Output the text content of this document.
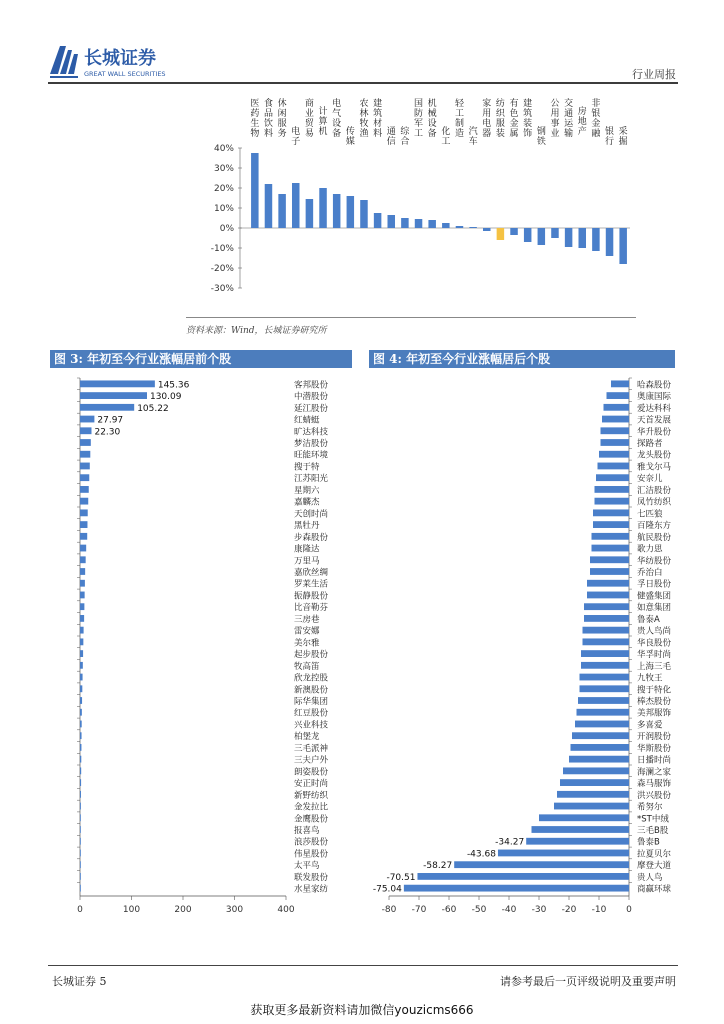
长城证券
GREAT WALL SECURITIES	行业周报
40%
30%
20%
10%
0%
-10%
-20%
-30%
医药生物
食品饮料
休闲服务 电子
商业贸易
计算机
电气设备 传媒
农林牧渔
建筑材料 通信
综合
国防军工
机械设备 化工
轻工制造 汽车
家用电器
纺织服装
有色金属
建筑装饰 钢铁
公用事业
交通运输
房地产
非银金融 银行
采掘
资料来源：Wind，长城证券研究所
图 3: 年初至今行业涨幅居前个股
0	100	200	300	400
客邦股份
145.36
中潜股份
130.09
延江股份
105.22
红蜻蜓
27.97
旷达科技
22.30
梦洁股份
旺能环境
搜于特
江苏阳光
星期六
嘉麟杰
天创时尚
黑牡丹
步森股份
康隆达
万里马
嘉欣丝绸
罗莱生活
振静股份
比音勒芬
三房巷
雷安娜
美尔雅
起步股份
牧高笛
欣龙控股
新澳股份
际华集团
红豆股份
兴业科技
柏堡龙
三毛派神
三夫户外
朗姿股份
安正时尚
新野纺织
金发拉比
金鹰股份
报喜鸟
浪莎股份
伟星股份
太平鸟
联发股份
水星家纺
图 4: 年初至今行业涨幅居后个股
-80 -70 -60 -50 -40 -30 -20 -10 0
哈森股份
奥康国际
爱达科科
天首发展
华升股份
探路者
龙头股份
雅戈尔马
安奈儿
汇洁股份
凤竹纺织
七匹狼
百隆东方
航民股份
歌力思
华纺股份
乔治白
孚日股份
健盛集团
如意集团
鲁泰A
贵人鸟尚
华良股份
华孚时尚
上海三毛
九牧王
搜于特化
棒杰股份
美邦服饰
多喜爱
开润股份
华斯股份
日播时尚
海澜之家
森马服饰
洪兴股份
希努尔
*ST中绒
三毛B股
鲁泰B
-34.27
拉夏贝尔
-43.68
摩登大道
-58.27
贵人鸟
-70.51
商赢环球
-75.04
长城证券 5	请参考最后一页评级说明及重要声明
获取更多最新资料请加微信youzicms666
